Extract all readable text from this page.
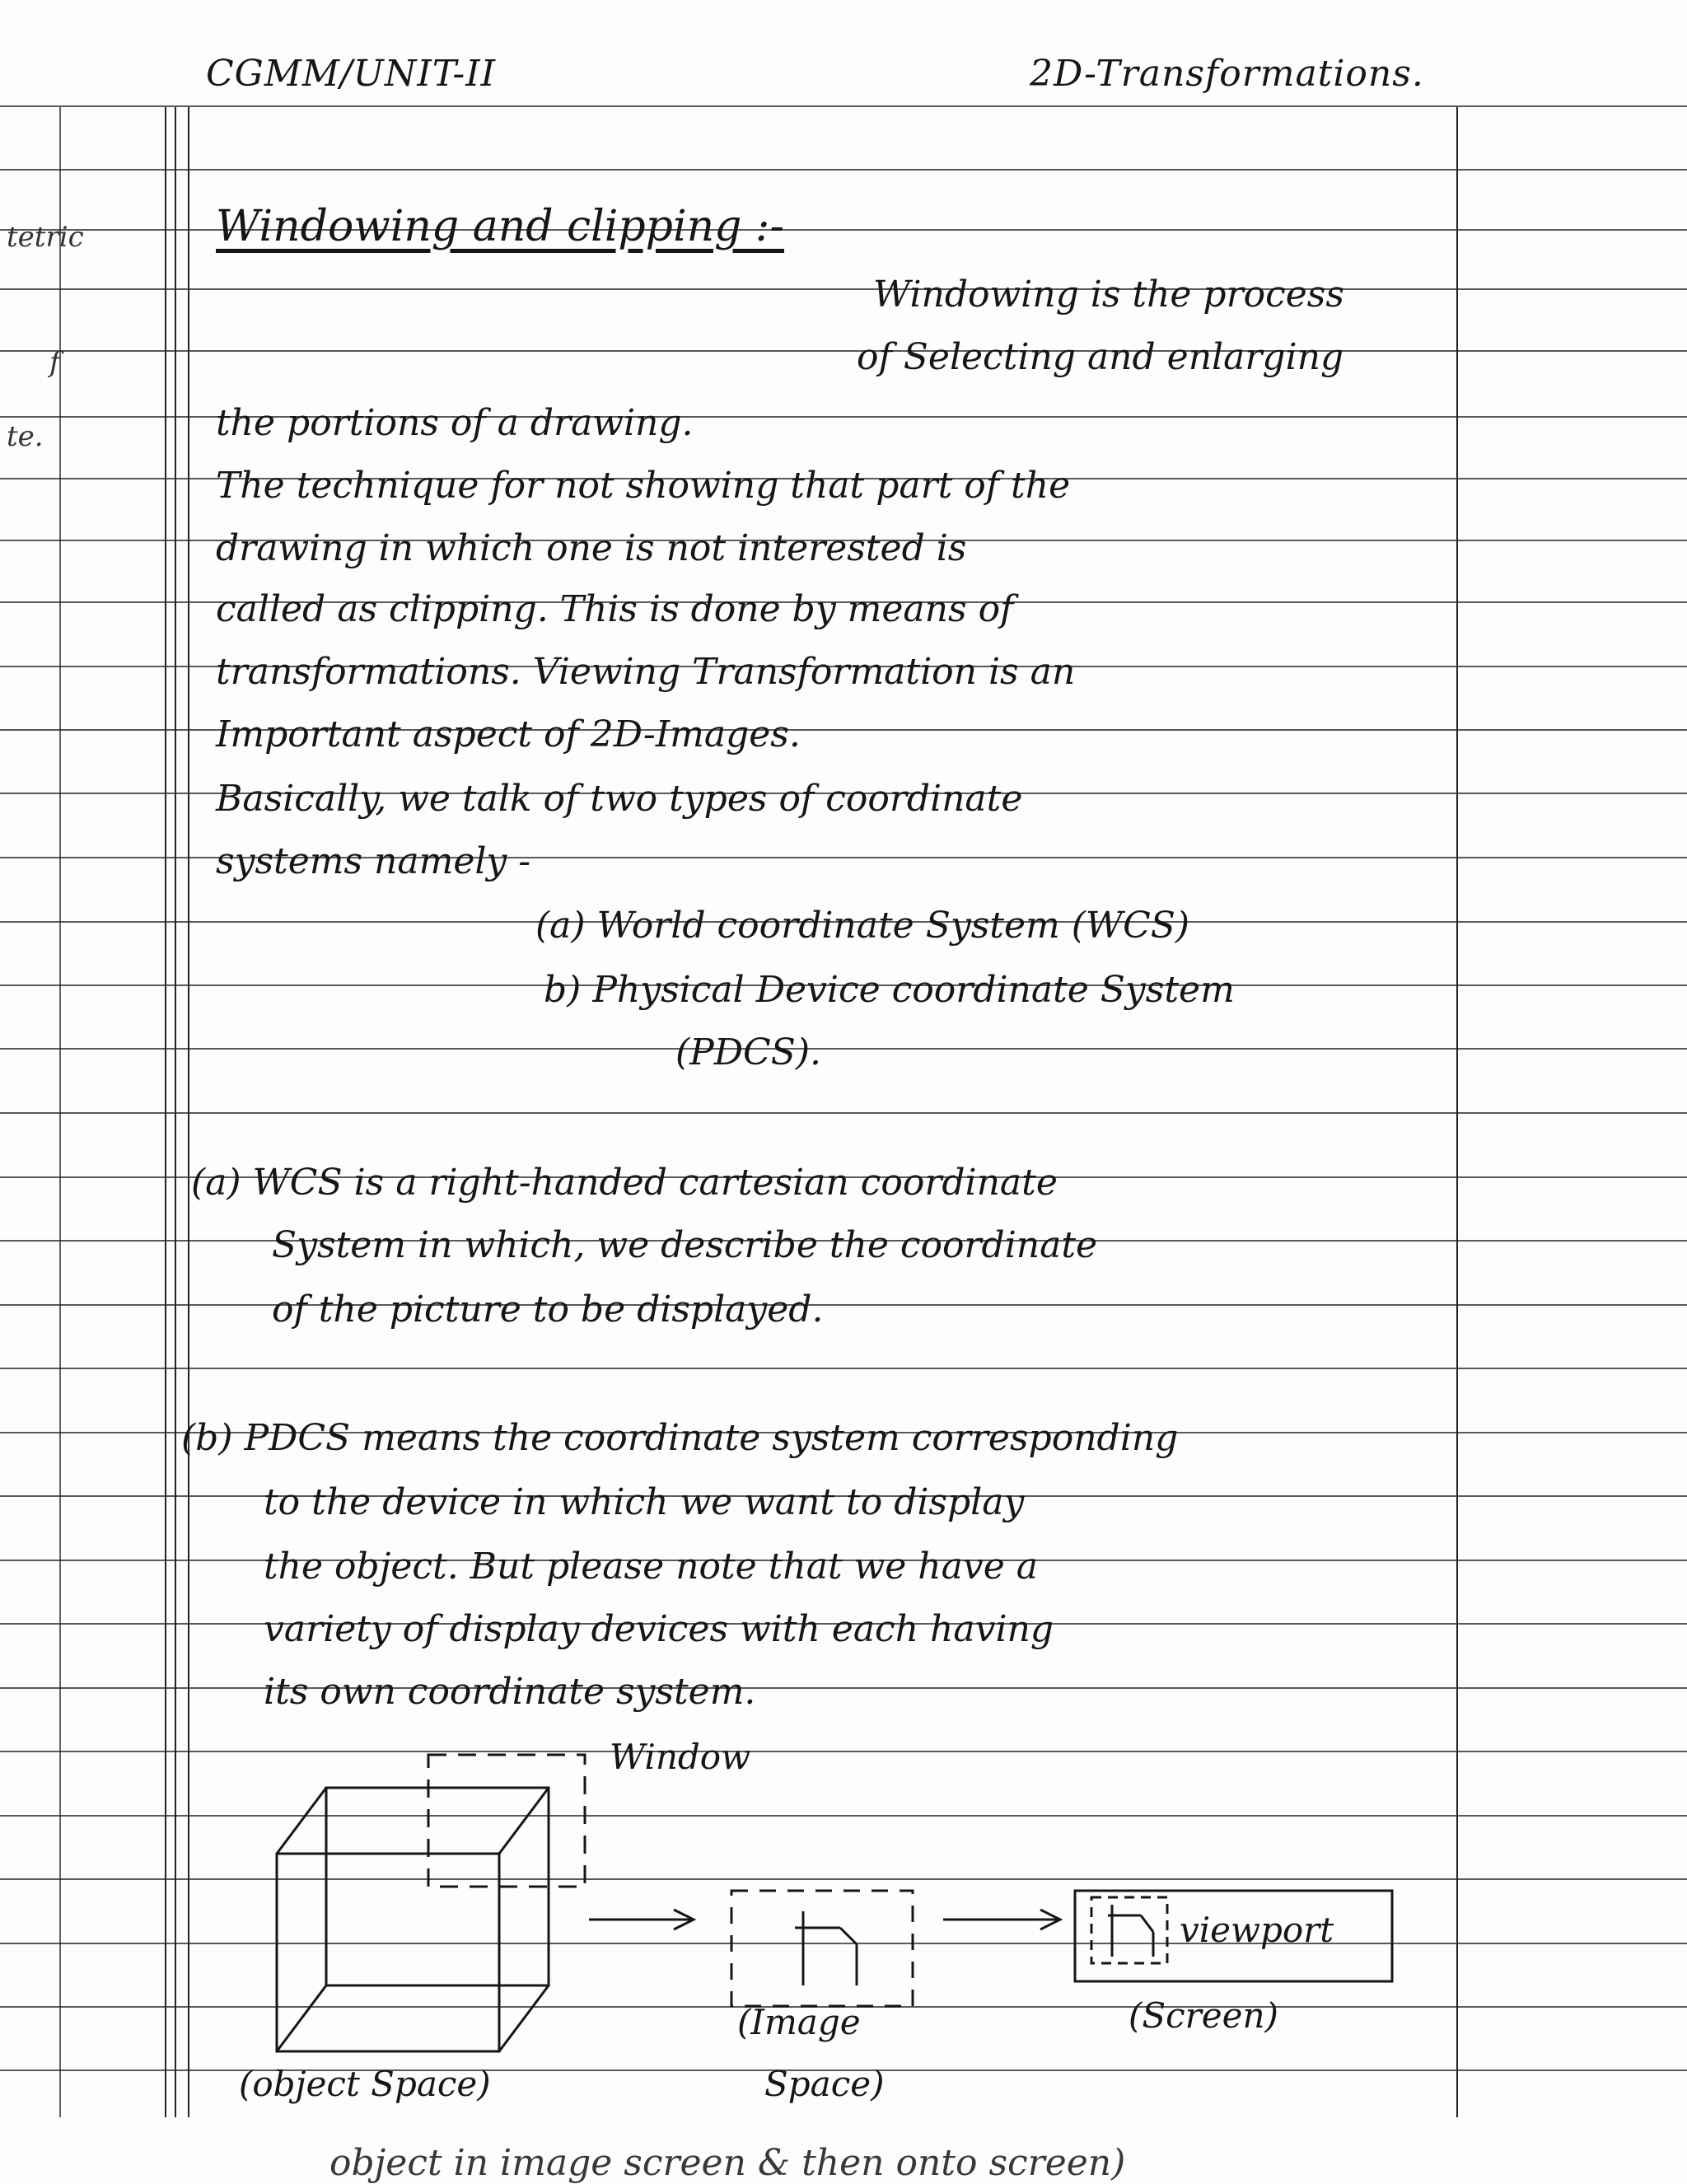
CGMM/UNIT-II	2D-Transformations.
tetric
f
te.
Windowing and clipping :-
Windowing is the process
of Selecting and enlarging
the portions of a drawing.
The technique for not showing that part of the
drawing in which one is not interested is
called as clipping. This is done by means of
transformations. Viewing Transformation is an
Important aspect of 2D-Images.
Basically, we talk of two types of coordinate
systems namely -
(a) World coordinate System (WCS)
b) Physical Device coordinate System
(PDCS).
(a) WCS is a right-handed cartesian coordinate
System in which, we describe the coordinate
of the picture to be displayed.
(b) PDCS means the coordinate system corresponding
to the device in which we want to display
the object. But please note that we have a
variety of display devices with each having
its own coordinate system.
Window
viewport
(Screen)
(Image
Space)
(object Space)
object in image screen & then onto screen)
